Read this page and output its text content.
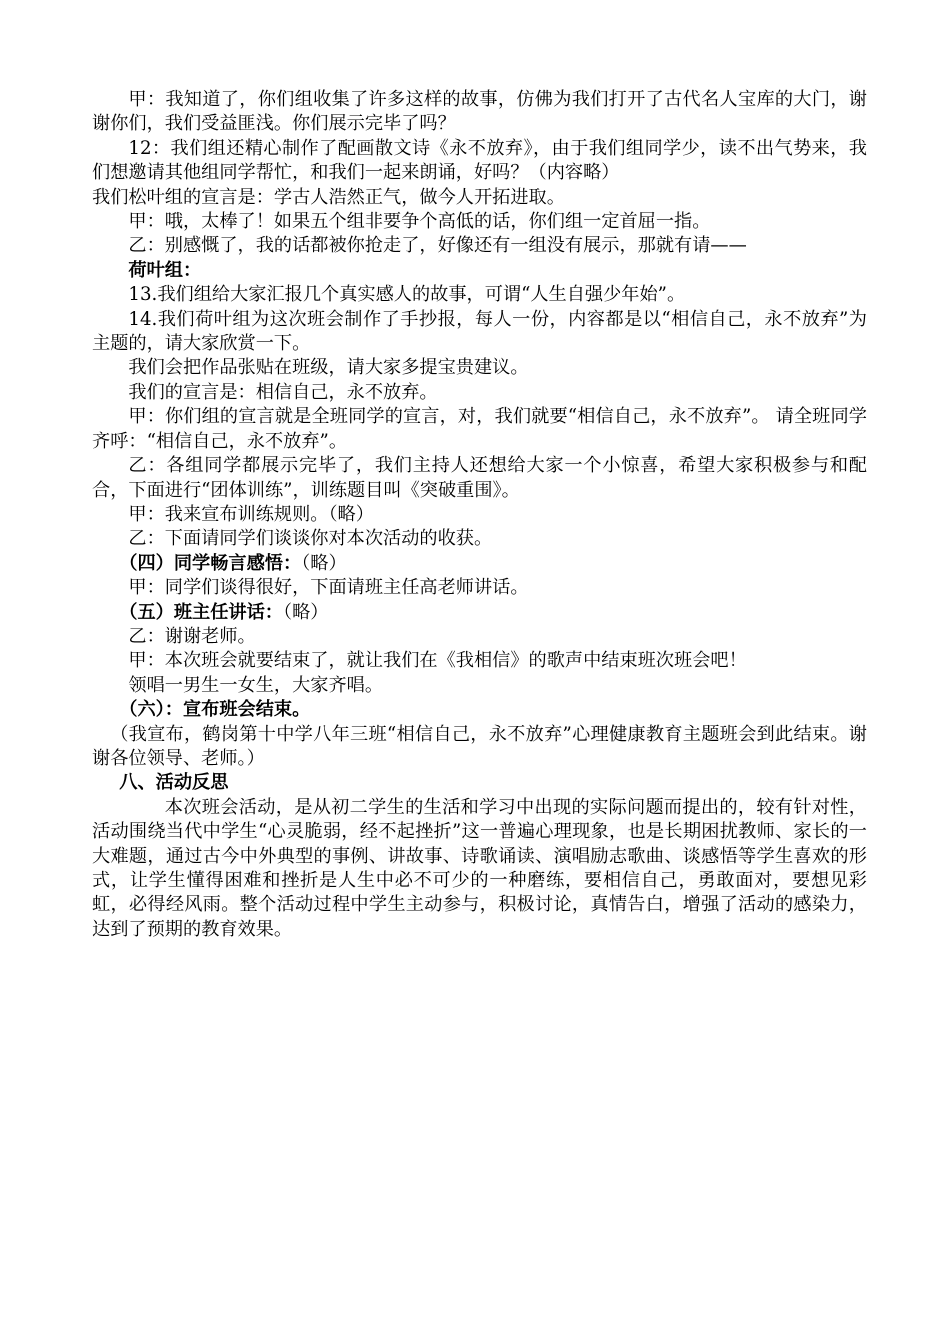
甲：我知道了，你们组收集了许多这样的故事，仿佛为我们打开了古代名人宝库的大门，谢谢你们，我们受益匪浅。你们展示完毕了吗？

12：我们组还精心制作了配画散文诗《永不放弃》，由于我们组同学少，读不出气势来，我们想邀请其他组同学帮忙，和我们一起来朗诵，好吗？（内容略）

我们松叶组的宣言是：学古人浩然正气，做今人开拓进取。

甲：哦，太棒了！如果五个组非要争个高低的话，你们组一定首屈一指。

乙：别感慨了，我的话都被你抢走了，好像还有一组没有展示，那就有请——

荷叶组：

13.我们组给大家汇报几个真实感人的故事，可谓“人生自强少年始”。

14.我们荷叶组为这次班会制作了手抄报，每人一份，内容都是以“相信自己，永不放弃”为主题的，请大家欣赏一下。

我们会把作品张贴在班级，请大家多提宝贵建议。

我们的宣言是：相信自己，永不放弃。

甲：你们组的宣言就是全班同学的宣言，对，我们就要“相信自己，永不放弃”。 请全班同学齐呼：“相信自己，永不放弃”。

乙：各组同学都展示完毕了，我们主持人还想给大家一个小惊喜，希望大家积极参与和配合，下面进行“团体训练”，训练题目叫《突破重围》。

甲：我来宣布训练规则。（略）

乙：下面请同学们谈谈你对本次活动的收获。

（四）同学畅言感悟：（略）

甲：同学们谈得很好，下面请班主任高老师讲话。

（五）班主任讲话：（略）

乙：谢谢老师。

甲：本次班会就要结束了，就让我们在《我相信》的歌声中结束班次班会吧！

领唱一男生一女生，大家齐唱。

（六）：宣布班会结束。

（我宣布，鹤岗第十中学八年三班“相信自己，永不放弃”心理健康教育主题班会到此结束。谢谢各位领导、老师。）

八、活动反思

本次班会活动，是从初二学生的生活和学习中出现的实际问题而提出的，较有针对性，活动围绕当代中学生“心灵脆弱，经不起挫折”这一普遍心理现象，也是长期困扰教师、家长的一大难题，通过古今中外典型的事例、讲故事、诗歌诵读、演唱励志歌曲、谈感悟等学生喜欢的形式，让学生懂得困难和挫折是人生中必不可少的一种磨练，要相信自己，勇敢面对，要想见彩虹，必得经风雨。整个活动过程中学生主动参与，积极讨论，真情告白，增强了活动的感染力，达到了预期的教育效果。
